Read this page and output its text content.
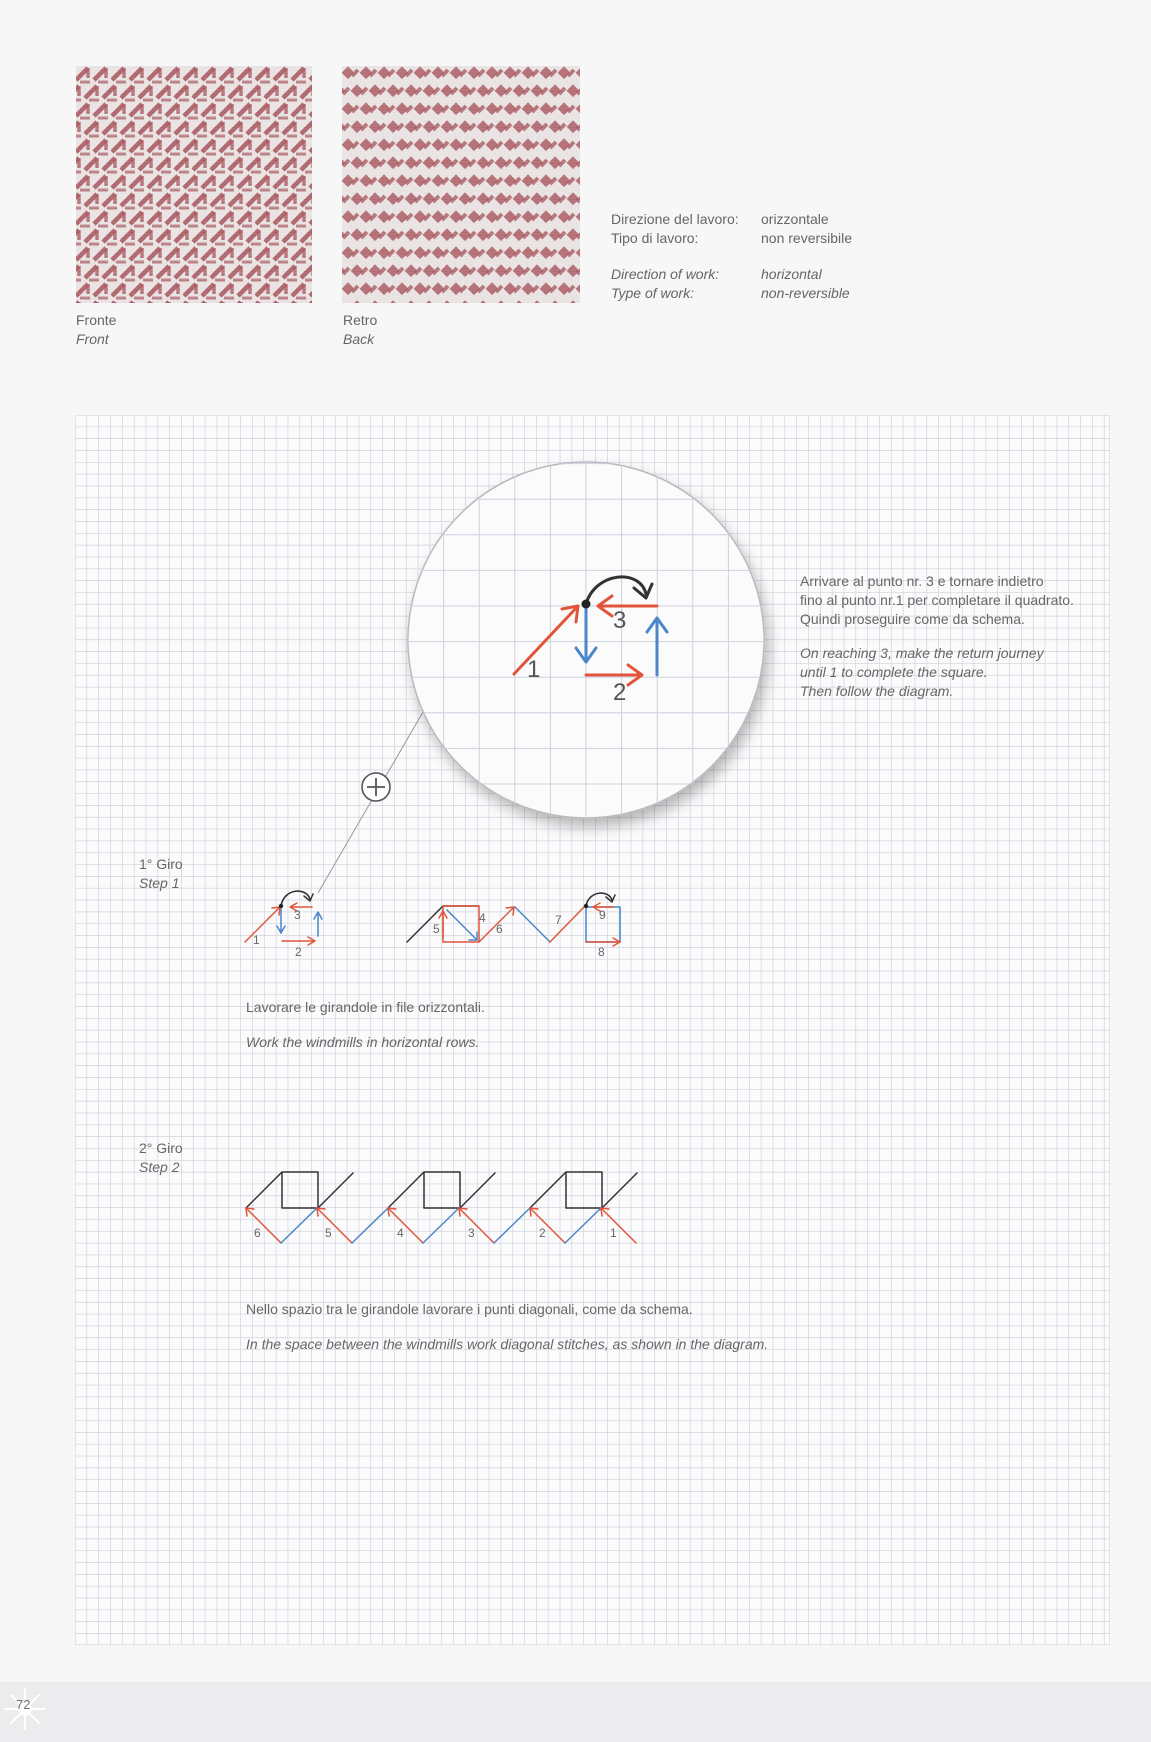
Fronte
Front
Retro
Back
Direzione del lavoro:	orizzontale
Tipo di lavoro:	non reversibile
Direction of work:	horizontal
Type of work:	non-reversible
1
2
3
Arrivare al punto nr. 3 e tornare indietro
fino al punto nr.1 per completare il quadrato.
Quindi proseguire come da schema.
On reaching 3, make the return journey
until 1 to complete the square.
Then follow the diagram.
1° Giro
Step 1
1
2
3	4
5	6
7
8
9
Lavorare le girandole in file orizzontali.
Work the windmills in horizontal rows.
2° Giro
Step 2
6	5	4	3	2	1
Nello spazio tra le girandole lavorare i punti diagonali, come da schema.
In the space between the windmills work diagonal stitches, as shown in the diagram.
72
